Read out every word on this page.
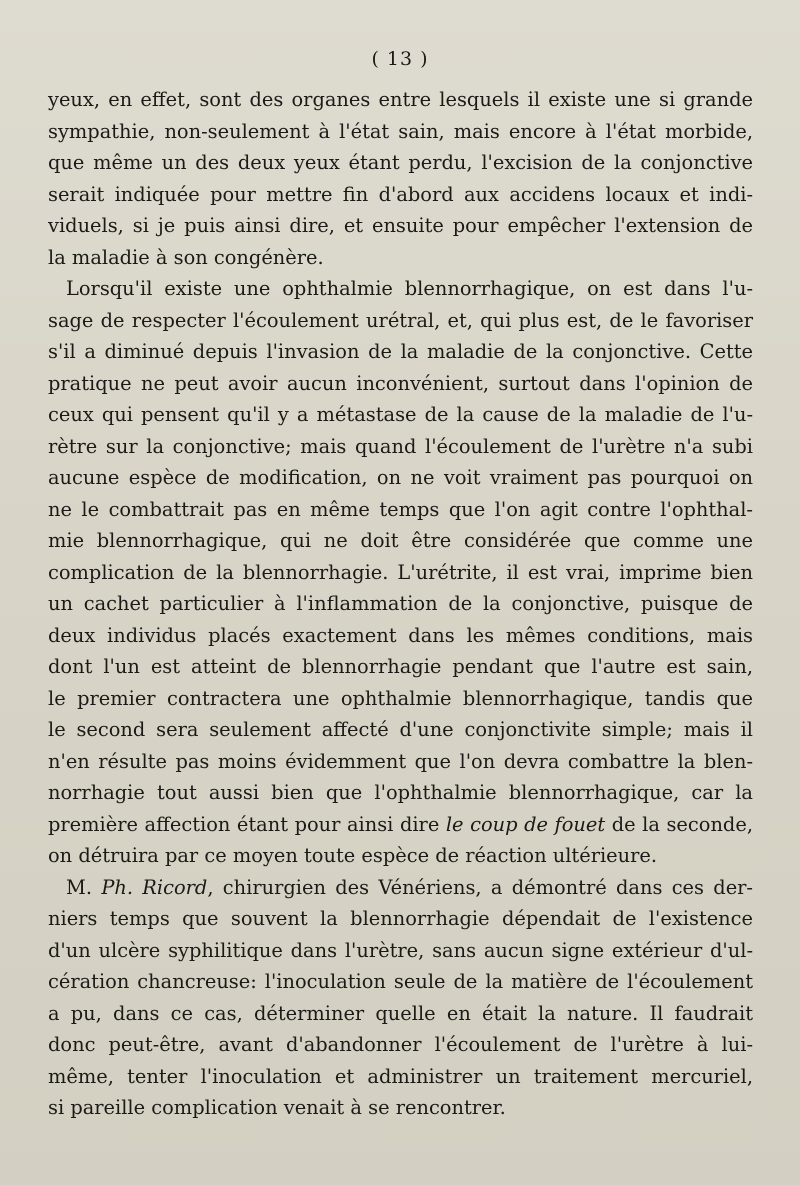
( 13 )
yeux, en effet, sont des organes entre lesquels il existe une si grande
sympathie, non-seulement à l'état sain, mais encore à l'état morbide,
que même un des deux yeux étant perdu, l'excision de la conjonctive
serait indiquée pour mettre fin d'abord aux accidens locaux et indi-
viduels, si je puis ainsi dire, et ensuite pour empêcher l'extension de
la maladie à son congénère.
Lorsqu'il existe une ophthalmie blennorrhagique, on est dans l'u-
sage de respecter l'écoulement urétral, et, qui plus est, de le favoriser
s'il a diminué depuis l'invasion de la maladie de la conjonctive. Cette
pratique ne peut avoir aucun inconvénient, surtout dans l'opinion de
ceux qui pensent qu'il y a métastase de la cause de la maladie de l'u-
rètre sur la conjonctive; mais quand l'écoulement de l'urètre n'a subi
aucune espèce de modification, on ne voit vraiment pas pourquoi on
ne le combattrait pas en même temps que l'on agit contre l'ophthal-
mie blennorrhagique, qui ne doit être considérée que comme une
complication de la blennorrhagie. L'urétrite, il est vrai, imprime bien
un cachet particulier à l'inflammation de la conjonctive, puisque de
deux individus placés exactement dans les mêmes conditions, mais
dont l'un est atteint de blennorrhagie pendant que l'autre est sain,
le premier contractera une ophthalmie blennorrhagique, tandis que
le second sera seulement affecté d'une conjonctivite simple; mais il
n'en résulte pas moins évidemment que l'on devra combattre la blen-
norrhagie tout aussi bien que l'ophthalmie blennorrhagique, car la
première affection étant pour ainsi dire le coup de fouet de la seconde,
on détruira par ce moyen toute espèce de réaction ultérieure.
M. Ph. Ricord, chirurgien des Vénériens, a démontré dans ces der-
niers temps que souvent la blennorrhagie dépendait de l'existence
d'un ulcère syphilitique dans l'urètre, sans aucun signe extérieur d'ul-
cération chancreuse: l'inoculation seule de la matière de l'écoulement
a pu, dans ce cas, déterminer quelle en était la nature. Il faudrait
donc peut-être, avant d'abandonner l'écoulement de l'urètre à lui-
même, tenter l'inoculation et administrer un traitement mercuriel,
si pareille complication venait à se rencontrer.
